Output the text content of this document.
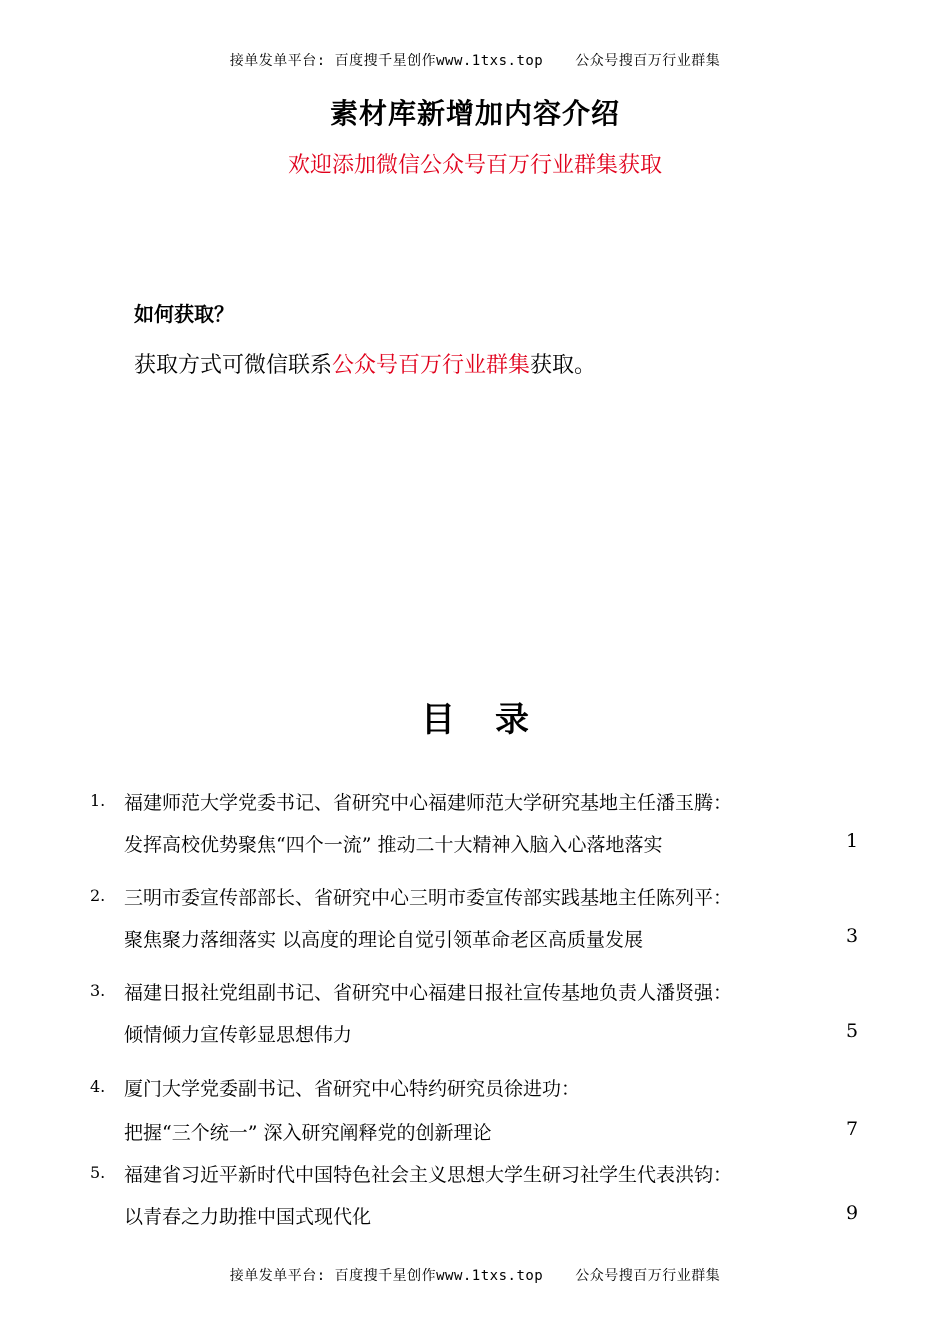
接单发单平台: 百度搜千星创作www.1txs.top 公众号搜百万行业群集
素材库新增加内容介绍
欢迎添加微信公众号百万行业群集获取
如何获取？
获取方式可微信联系公众号百万行业群集获取。
目录
1. 福建师范大学党委书记、省研究中心福建师范大学研究基地主任潘玉腾：
发挥高校优势聚焦“四个一流” 推动二十大精神入脑入心落地落实	1
2. 三明市委宣传部部长、省研究中心三明市委宣传部实践基地主任陈列平：
聚焦聚力落细落实 以高度的理论自觉引领革命老区高质量发展	3
3. 福建日报社党组副书记、省研究中心福建日报社宣传基地负责人潘贤强：
倾情倾力宣传彰显思想伟力	5
4. 厦门大学党委副书记、省研究中心特约研究员徐进功：
把握“三个统一” 深入研究阐释党的创新理论	7
5. 福建省习近平新时代中国特色社会主义思想大学生研习社学生代表洪钧：
以青春之力助推中国式现代化	9
接单发单平台: 百度搜千星创作www.1txs.top 公众号搜百万行业群集
